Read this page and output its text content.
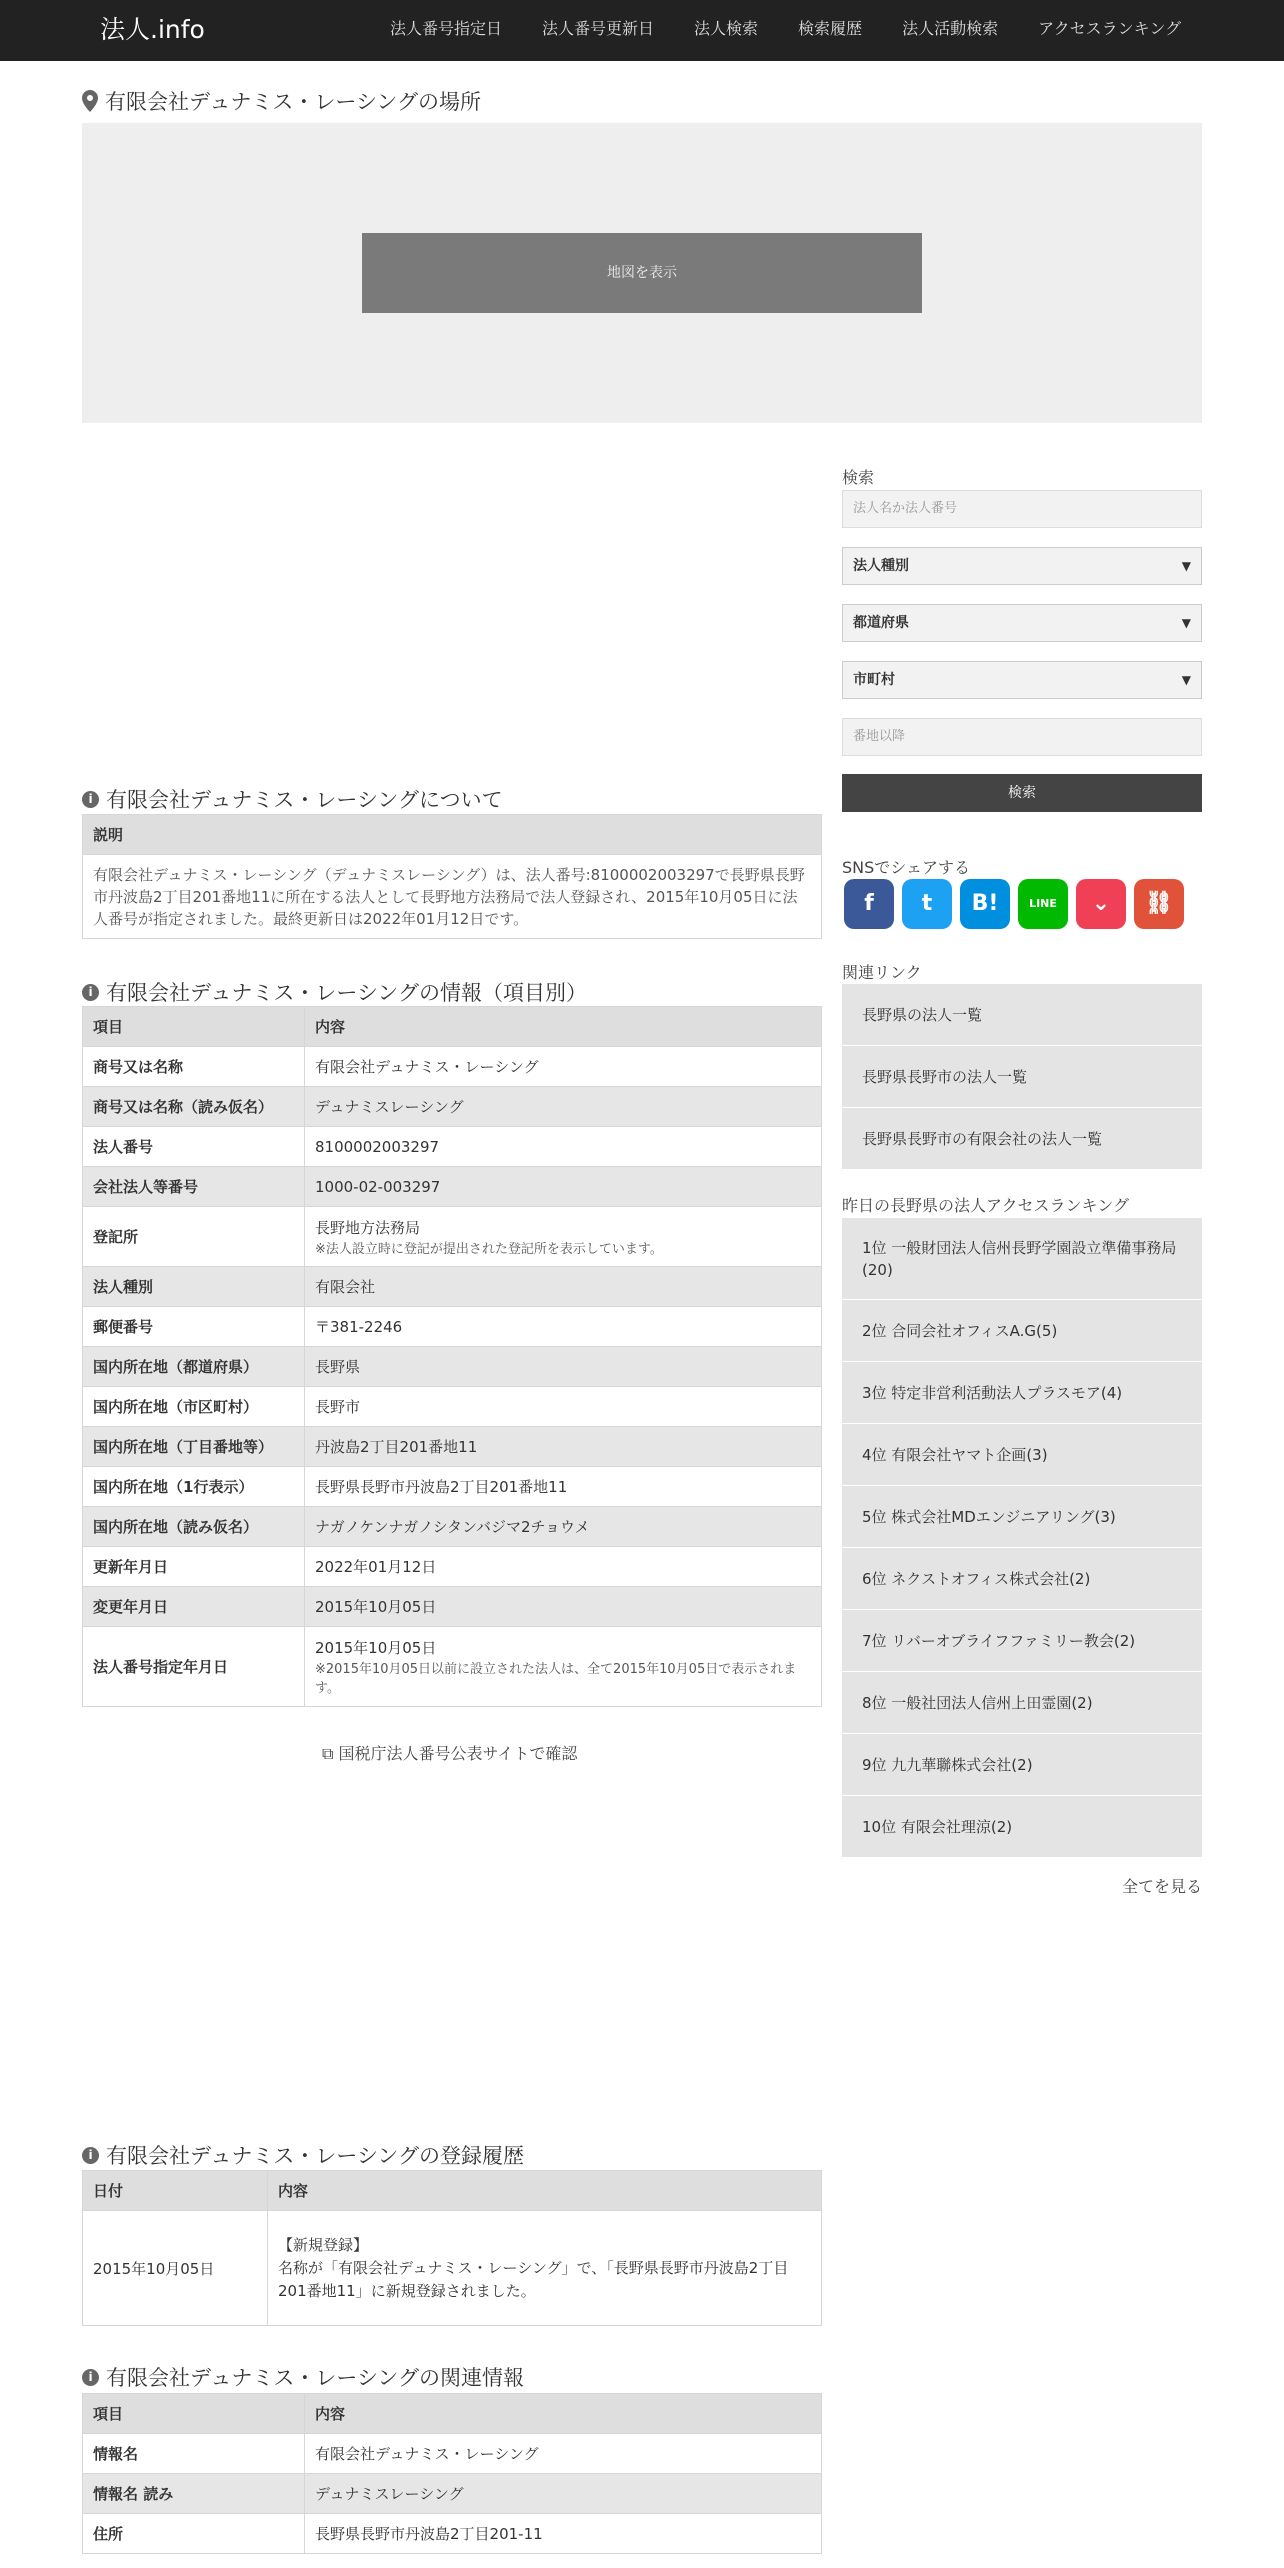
法人.info	法人番号指定日	法人番号更新日	法人検索	検索履歴	法人活動検索	アクセスランキング
有限会社デュナミス・レーシングの場所
地図を表示
i 有限会社デュナミス・レーシングについて
説明
有限会社デュナミス・レーシング（デュナミスレーシング）は、法人番号:8100002003297で長野県長野市丹波島2丁目201番地11に所在する法人として長野地方法務局で法人登録され、2015年10月05日に法人番号が指定されました。最終更新日は2022年01月12日です。
i 有限会社デュナミス・レーシングの情報（項目別）
項目	内容
商号又は名称	有限会社デュナミス・レーシング
商号又は名称（読み仮名）	デュナミスレーシング
法人番号	8100002003297
会社法人等番号	1000-02-003297
登記所	長野地方法務局
※法人設立時に登記が提出された登記所を表示しています。

法人種別	有限会社
郵便番号	〒381-2246
国内所在地（都道府県）	長野県
国内所在地（市区町村）	長野市
国内所在地（丁目番地等）	丹波島2丁目201番地11
国内所在地（1行表示）	長野県長野市丹波島2丁目201番地11
国内所在地（読み仮名）	ナガノケンナガノシタンバジマ2チョウメ
更新年月日	2022年01月12日
変更年月日	2015年10月05日
法人番号指定年月日	2015年10月05日
※2015年10月05日以前に設立された法人は、全て2015年10月05日で表示されます。
⧉ 国税庁法人番号公表サイトで確認
i 有限会社デュナミス・レーシングの登録履歴
日付	内容
2015年10月05日	【新規登録】
名称が「有限会社デュナミス・レーシング」で、「長野県長野市丹波島2丁目201番地11」に新規登録されました。
i 有限会社デュナミス・レーシングの関連情報
項目	内容
情報名	有限会社デュナミス・レーシング
情報名 読み	デュナミスレーシング
住所	長野県長野市丹波島2丁目201-11
検索
法人名か法人番号
法人種別	▼
都道府県	▼
市町村	▼
番地以降
検索
SNSでシェアする
f	t	B!	LINE	⌄	⛓
関連リンク
長野県の法人一覧
長野県長野市の法人一覧
長野県長野市の有限会社の法人一覧
昨日の長野県の法人アクセスランキング
1位 一般財団法人信州長野学園設立準備事務局(20)
2位 合同会社オフィスA.G(5)
3位 特定非営利活動法人プラスモア(4)
4位 有限会社ヤマト企画(3)
5位 株式会社MDエンジニアリング(3)
6位 ネクストオフィス株式会社(2)
7位 リバーオブライフファミリー教会(2)
8位 一般社団法人信州上田霊園(2)
9位 九九華聯株式会社(2)
10位 有限会社理涼(2)
全てを見る
